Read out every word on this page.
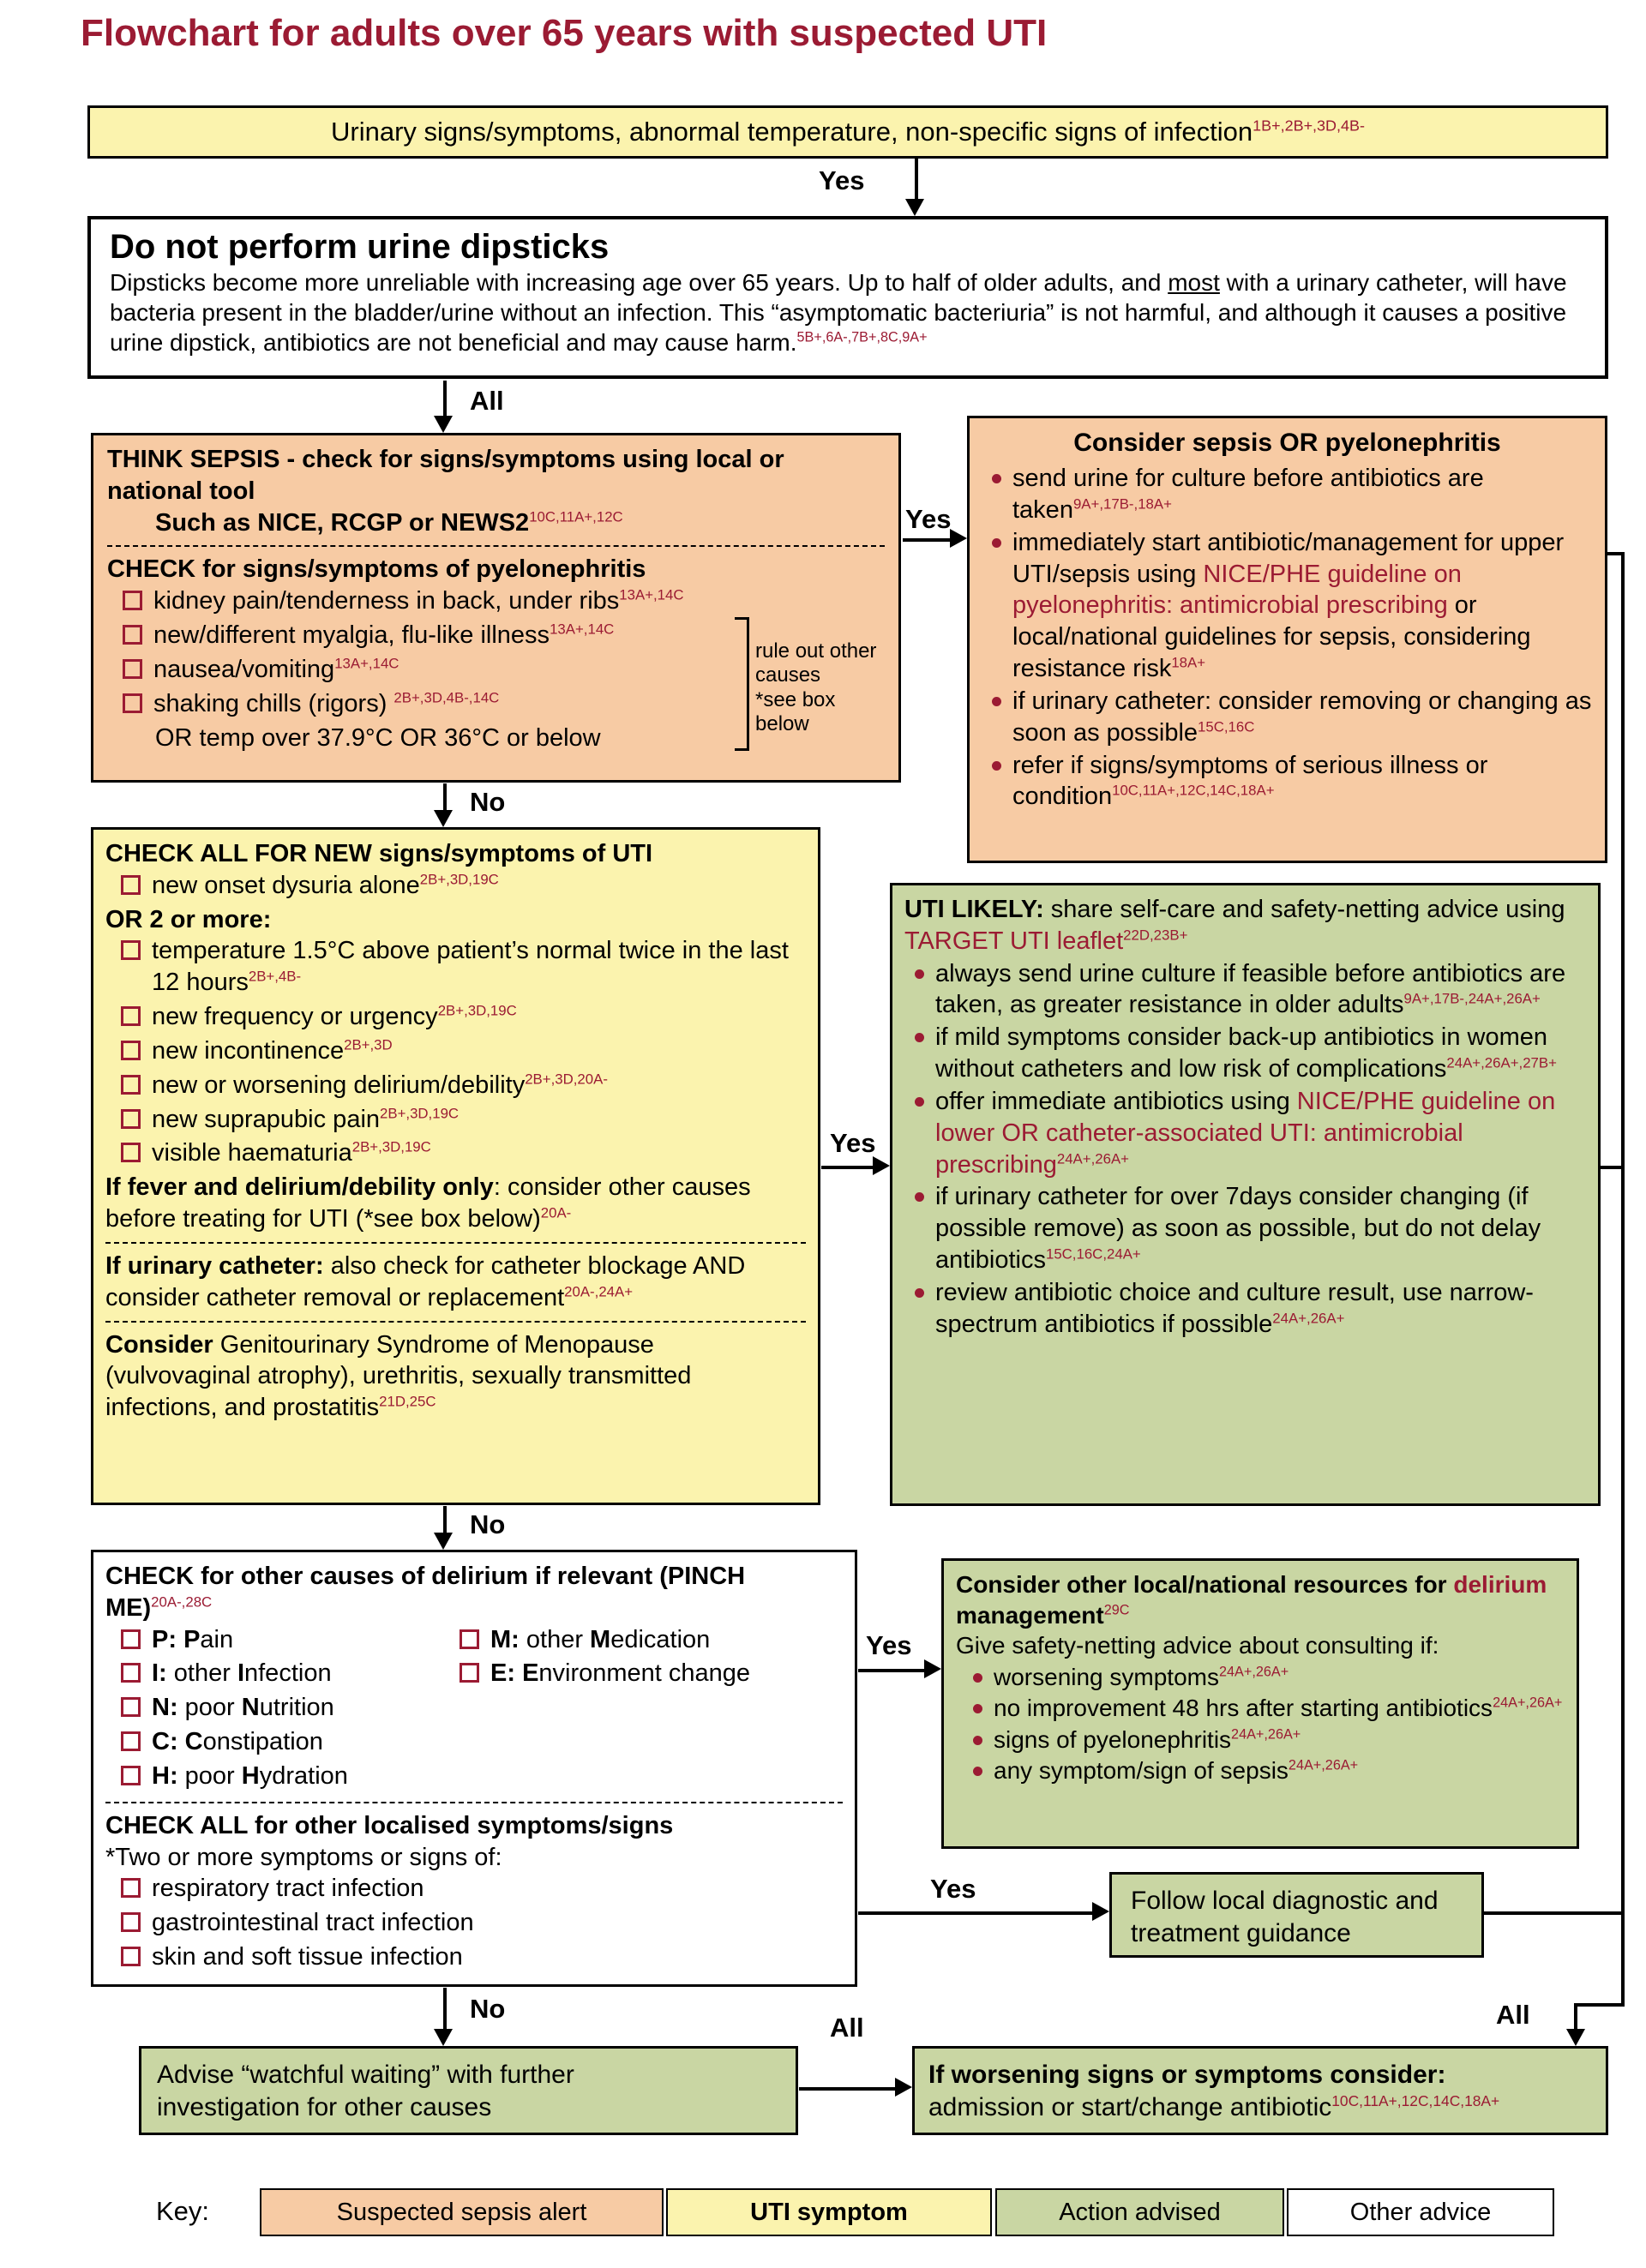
Flowchart for adults over 65 years with suspected UTI
Urinary signs/symptoms, abnormal temperature, non-specific signs of infection$^{1B+,2B+,3D,4B-}$
Yes
Do not perform urine dipsticks
Dipsticks become more unreliable with increasing age over 65 years. Up to half of older adults, and most with a urinary catheter, will have bacteria present in the bladder/urine without an infection. This “asymptomatic bacteriuria” is not harmful, and although it causes a positive urine dipstick, antibiotics are not beneficial and may cause harm.$^{5B+,6A-,7B+,8C,9A+}$
All
THINK SEPSIS - check for signs/symptoms using local or national tool
Such as NICE, RCGP or $NEWS2^{10C,11A+,12C}$
CHECK for signs/symptoms of pyelonephritis
kidney pain/tenderness in back, under ribs$^{13A+,14C}$
new/different myalgia, flu-like illness$^{13A+,14C}$
nausea/vomiting$^{13A+,14C}$
shaking chills (rigors) $^{2B+,3D,4B-,14C}$
OR temp over 37.9°C OR 36°C or below
rule out other causes
*see box below
Yes
No
Consider sepsis OR pyelonephritis
send urine for culture before antibiotics are taken$^{9A+,17B-,18A+}$
immediately start antibiotic/management for upper UTI/sepsis using NICE/PHE guideline on pyelonephritis: antimicrobial prescribing or local/national guidelines for sepsis, considering resistance risk$^{18A+}$
if urinary catheter: consider removing or changing as soon as possible$^{15C,16C}$
refer if signs/symptoms of serious illness or condition$^{10C,11A+,12C,14C,18A+}$
CHECK ALL FOR NEW signs/symptoms of UTI
new onset dysuria alone$^{2B+,3D,19C}$
OR 2 or more:
temperature 1.5°C above patient’s normal twice in the last 12 hours$^{2B+,4B-}$
new frequency or urgency$^{2B+,3D,19C}$
new incontinence$^{2B+,3D}$
new or worsening delirium/debility$^{2B+,3D,20A-}$
new suprapubic pain$^{2B+,3D,19C}$
visible haematuria$^{2B+,3D,19C}$
If fever and delirium/debility only: consider other causes before treating for UTI (*see box below)$^{20A-}$
If urinary catheter: also check for catheter blockage AND consider catheter removal or replacement$^{20A-,24A+}$
Consider Genitourinary Syndrome of Menopause (vulvovaginal atrophy), urethritis, sexually transmitted infections, and prostatitis$^{21D,25C}$
Yes
No
UTI LIKELY: share self-care and safety-netting advice using TARGET UTI leaflet$^{22D,23B+}$
always send urine culture if feasible before antibiotics are taken, as greater resistance in older adults$^{9A+,17B-,24A+,26A+}$
if mild symptoms consider back-up antibiotics in women without catheters and low risk of complications$^{24A+,26A+,27B+}$
offer immediate antibiotics using NICE/PHE guideline on lower OR catheter-associated UTI: antimicrobial prescribing$^{24A+,26A+}$
if urinary catheter for over 7days consider changing (if possible remove) as soon as possible, but do not delay antibiotics$^{15C,16C,24A+}$
review antibiotic choice and culture result, use narrow-spectrum antibiotics if possible$^{24A+,26A+}$
CHECK for other causes of delirium if relevant (PINCH ME)$^{20A-,28C}$
P: Pain
I: other Infection
N: poor Nutrition
C: Constipation
H: poor Hydration
M: other Medication
E: Environment change
CHECK ALL for other localised symptoms/signs
*Two or more symptoms or signs of:
respiratory tract infection
gastrointestinal tract infection
skin and soft tissue infection
Yes
Consider other local/national resources for delirium management$^{29C}$
Give safety-netting advice about consulting if:
worsening symptoms$^{24A+,26A+}$
no improvement 48 hrs after starting antibiotics$^{24A+,26A+}$
signs of pyelonephritis$^{24A+,26A+}$
any symptom/sign of sepsis$^{24A+,26A+}$
Yes	Follow local diagnostic and treatment guidance
No
Advise “watchful waiting” with further investigation for other causes
All	All
If worsening signs or symptoms consider:
admission or start/change antibiotic$^{10C,11A+,12C,14C,18A+}$
Key:	Suspected sepsis alert	UTI symptom	Action advised	Other advice
